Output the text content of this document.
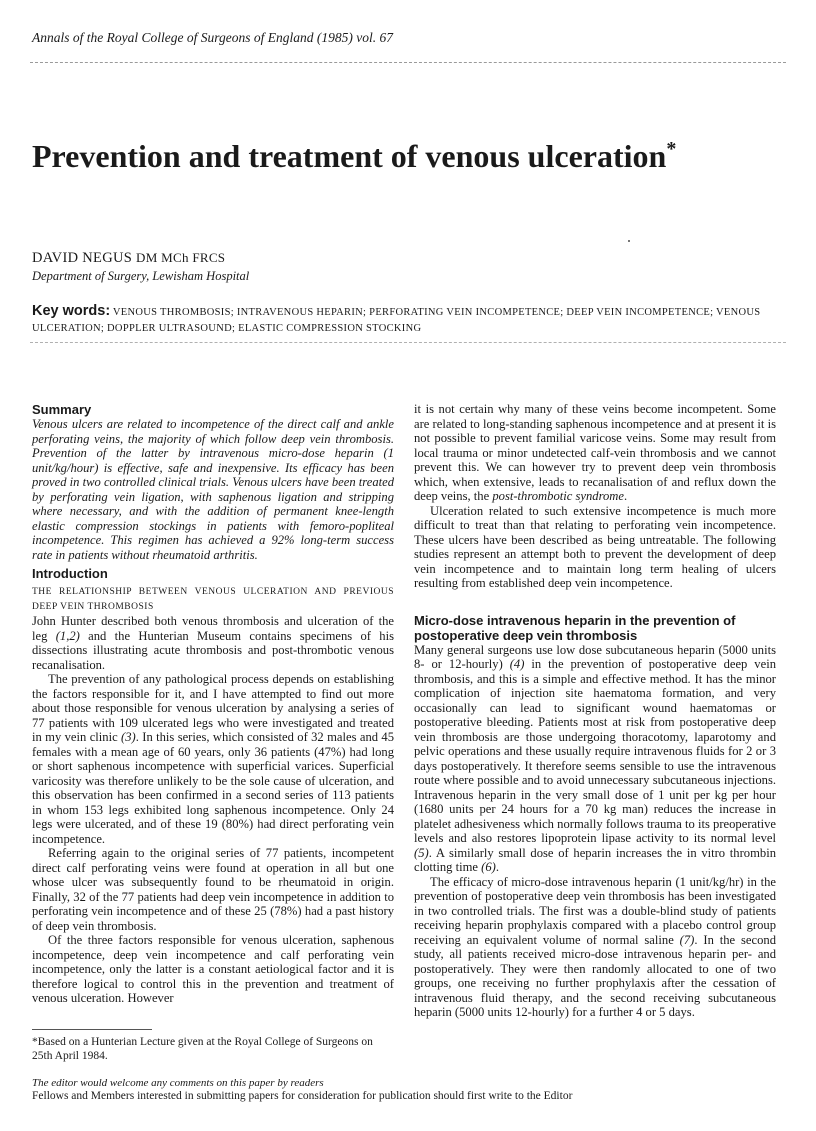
Annals of the Royal College of Surgeons of England (1985) vol. 67
Prevention and treatment of venous ulceration*
DAVID NEGUS DM MCh FRCS
Department of Surgery, Lewisham Hospital
Key words: VENOUS THROMBOSIS; INTRAVENOUS HEPARIN; PERFORATING VEIN INCOMPETENCE; DEEP VEIN INCOMPETENCE; VENOUS ULCERATION; DOPPLER ULTRASOUND; ELASTIC COMPRESSION STOCKING
Summary

Venous ulcers are related to incompetence of the direct calf and ankle perforating veins, the majority of which follow deep vein thrombosis. Prevention of the latter by intravenous micro-dose heparin (1 unit/kg/hour) is effective, safe and inexpensive. Its efficacy has been proved in two controlled clinical trials. Venous ulcers have been treated by perforating vein ligation, with saphenous ligation and stripping where necessary, and with the addition of permanent knee-length elastic compression stockings in patients with femoro-popliteal incompetence. This regimen has achieved a 92% long-term success rate in patients without rheumatoid arthritis.

Introduction

THE RELATIONSHIP BETWEEN VENOUS ULCERATION AND PREVIOUS DEEP VEIN THROMBOSIS

John Hunter described both venous thrombosis and ulceration of the leg (1,2) and the Hunterian Museum contains specimens of his dissections illustrating acute thrombosis and post-thrombotic venous recanalisation.

The prevention of any pathological process depends on establishing the factors responsible for it, and I have attempted to find out more about those responsible for venous ulceration by analysing a series of 77 patients with 109 ulcerated legs who were investigated and treated in my vein clinic (3). In this series, which consisted of 32 males and 45 females with a mean age of 60 years, only 36 patients (47%) had long or short saphenous incompetence with superficial varices. Superficial varicosity was therefore unlikely to be the sole cause of ulceration, and this observation has been confirmed in a second series of 113 patients in whom 153 legs exhibited long saphenous incompetence. Only 24 legs were ulcerated, and of these 19 (80%) had direct perforating vein incompetence.

Referring again to the original series of 77 patients, incompetent direct calf perforating veins were found at operation in all but one whose ulcer was subsequently found to be rheumatoid in origin. Finally, 32 of the 77 patients had deep vein incompetence in addition to perforating vein incompetence and of these 25 (78%) had a past history of deep vein thrombosis.

Of the three factors responsible for venous ulceration, saphenous incompetence, deep vein incompetence and calf perforating vein incompetence, only the latter is a constant aetiological factor and it is therefore logical to control this in the prevention and treatment of venous ulceration. However

it is not certain why many of these veins become incompetent. Some are related to long-standing saphenous incompetence and at present it is not possible to prevent familial varicose veins. Some may result from local trauma or minor undetected calf-vein thrombosis and we cannot prevent this. We can however try to prevent deep vein thrombosis which, when extensive, leads to recanalisation of and reflux down the deep veins, the post-thrombotic syndrome.

Ulceration related to such extensive incompetence is much more difficult to treat than that relating to perforating vein incompetence. These ulcers have been described as being untreatable. The following studies represent an attempt both to prevent the development of deep vein incompetence and to maintain long term healing of ulcers resulting from established deep vein incompetence.

Micro-dose intravenous heparin in the prevention of postoperative deep vein thrombosis

Many general surgeons use low dose subcutaneous heparin (5000 units 8- or 12-hourly) (4) in the prevention of postoperative deep vein thrombosis, and this is a simple and effective method. It has the minor complication of injection site haematoma formation, and very occasionally can lead to significant wound haematomas or postoperative bleeding. Patients most at risk from postoperative deep vein thrombosis are those undergoing thoracotomy, laparotomy and pelvic operations and these usually require intravenous fluids for 2 or 3 days postoperatively. It therefore seems sensible to use the intravenous route where possible and to avoid unnecessary subcutaneous injections. Intravenous heparin in the very small dose of 1 unit per kg per hour (1680 units per 24 hours for a 70 kg man) reduces the increase in platelet adhesiveness which normally follows trauma to its preoperative levels and also restores lipoprotein lipase activity to its normal level (5). A similarly small dose of heparin increases the in vitro thrombin clotting time (6).

The efficacy of micro-dose intravenous heparin (1 unit/kg/hr) in the prevention of postoperative deep vein thrombosis has been investigated in two controlled trials. The first was a double-blind study of patients receiving heparin prophylaxis compared with a placebo control group receiving an equivalent volume of normal saline (7). In the second study, all patients received micro-dose intravenous heparin per- and postoperatively. They were then randomly allocated to one of two groups, one receiving no further prophylaxis after the cessation of intravenous fluid therapy, and the second receiving subcutaneous heparin (5000 units 12-hourly) for a further 4 or 5 days.

*Based on a Hunterian Lecture given at the Royal College of Surgeons on 25th April 1984.
The editor would welcome any comments on this paper by readers
Fellows and Members interested in submitting papers for consideration for publication should first write to the Editor
